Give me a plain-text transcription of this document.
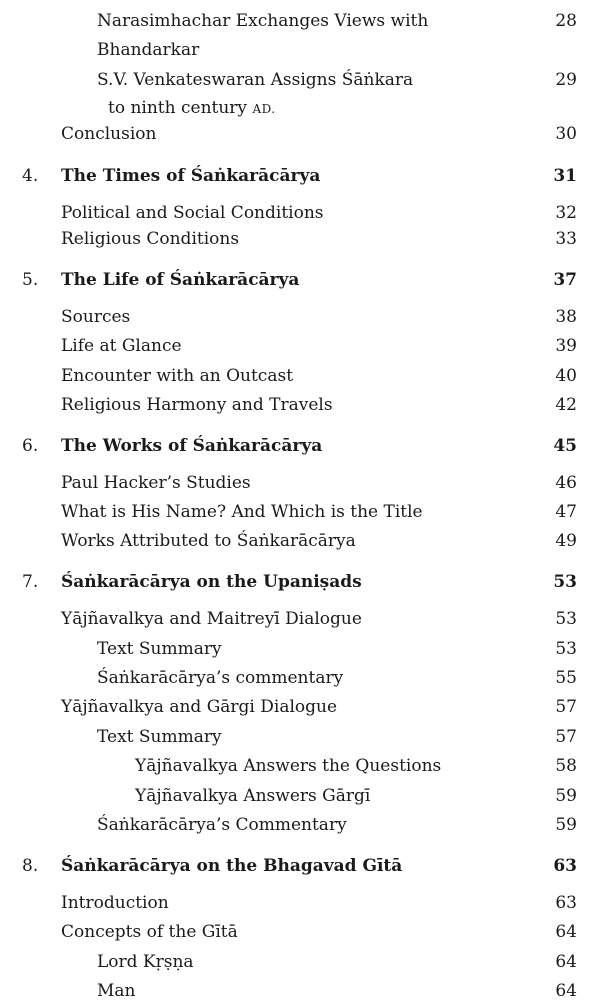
Narasimhachar Exchanges Views with	28
Bhandarkar
S.V. Venkateswaran Assigns Śāṅkara	29
to ninth century AD.
Conclusion	30
4. The Times of Śaṅkarācārya	31
Political and Social Conditions	32
Religious Conditions	33
5. The Life of Śaṅkarācārya	37
Sources	38
Life at Glance	39
Encounter with an Outcast	40
Religious Harmony and Travels	42
6. The Works of Śaṅkarācārya	45
Paul Hacker’s Studies	46
What is His Name? And Which is the Title	47
Works Attributed to Śaṅkarācārya	49
7. Śaṅkarācārya on the Upaniṣads	53
Yājñavalkya and Maitreyī Dialogue	53
Text Summary	53
Śaṅkarācārya’s commentary	55
Yājñavalkya and Gārgi Dialogue	57
Text Summary	57
Yājñavalkya Answers the Questions	58
Yājñavalkya Answers Gārgī	59
Śaṅkarācārya’s Commentary	59
8. Śaṅkarācārya on the Bhagavad Gītā	63
Introduction	63
Concepts of the Gītā	64
Lord Kṛṣṇa	64
Man	64
